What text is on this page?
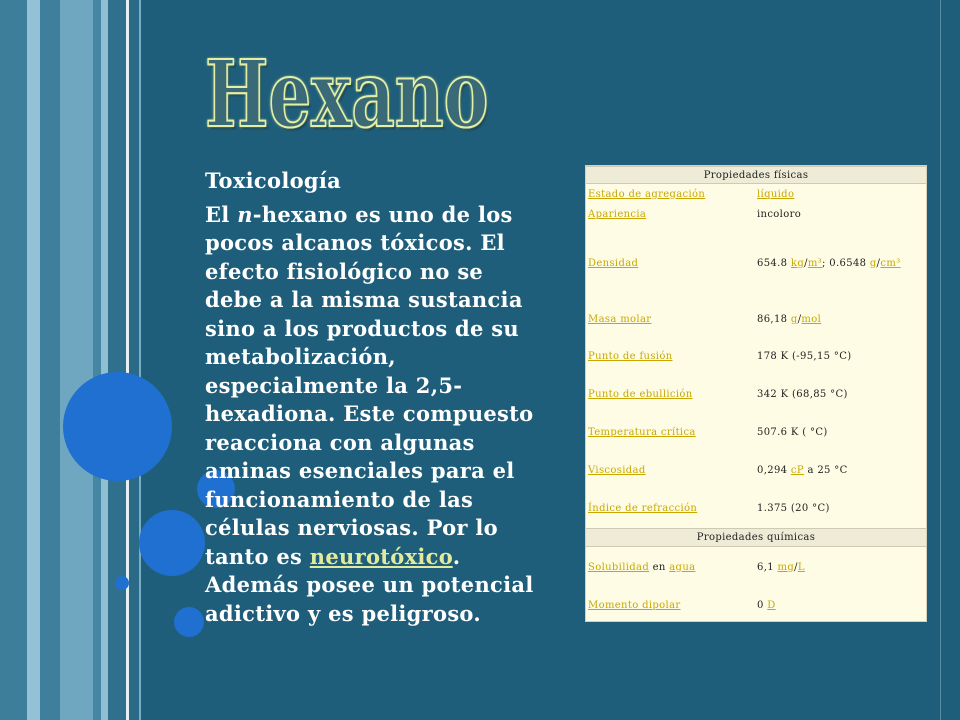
Hexano
Toxicología
El n-hexano es uno de los
pocos alcanos tóxicos. El
efecto fisiológico no se
debe a la misma sustancia
sino a los productos de su
metabolización,
especialmente la 2,5-
hexadiona. Este compuesto
reacciona con algunas
aminas esenciales para el
funcionamiento de las
células nerviosas. Por lo
tanto es neurotóxico.
Además posee un potencial
adictivo y es peligroso.
Propiedades físicas
Estado de agregación	líquido
Apariencia	incoloro
Densidad	654.8 kg/m³; 0.6548 g/cm³
Masa molar	86,18 g/mol
Punto de fusión	178 K (-95,15 °C)
Punto de ebullición	342 K (68,85 °C)
Temperatura crítica	507.6 K ( °C)
Viscosidad	0,294 cP a 25 °C
Índice de refracción	1.375 (20 °C)
Propiedades químicas
Solubilidad en agua	6,1 mg/L
Momento dipolar	0 D
